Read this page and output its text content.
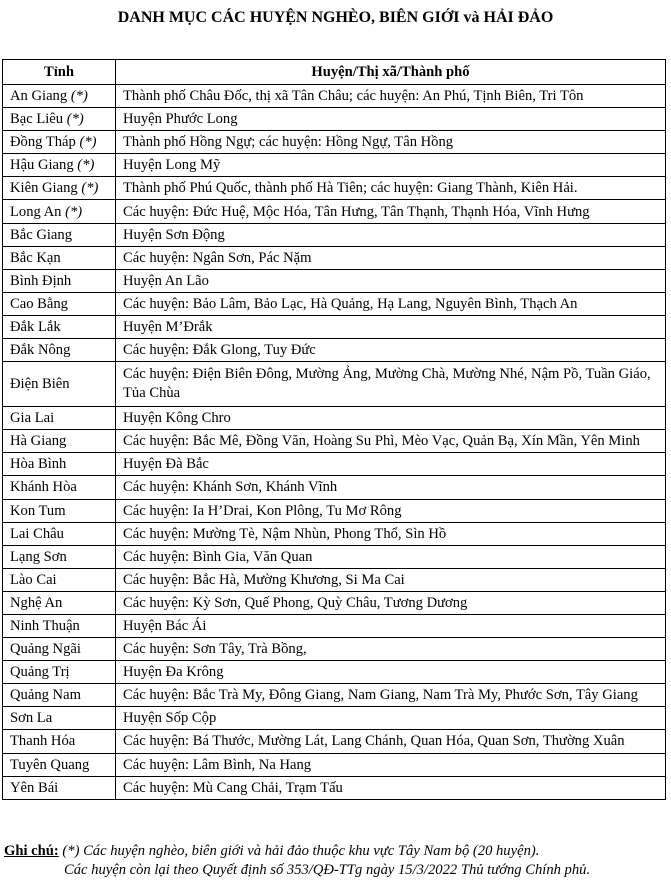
DANH MỤC CÁC HUYỆN NGHÈO, BIÊN GIỚI và HẢI ĐẢO
Tỉnh	Huyện/Thị xã/Thành phố
An Giang (*)	Thành phố Châu Đốc, thị xã Tân Châu; các huyện: An Phú, Tịnh Biên, Tri Tôn
Bạc Liêu (*)	Huyện Phước Long
Đồng Tháp (*)	Thành phố Hồng Ngự; các huyện: Hồng Ngự, Tân Hồng
Hậu Giang (*)	Huyện Long Mỹ
Kiên Giang (*)	Thành phố Phú Quốc, thành phố Hà Tiên; các huyện: Giang Thành, Kiên Hải.
Long An (*)	Các huyện: Đức Huệ, Mộc Hóa, Tân Hưng, Tân Thạnh, Thạnh Hóa, Vĩnh Hưng
Bắc Giang	Huyện Sơn Động
Bắc Kạn	Các huyện: Ngân Sơn, Pác Nặm
Bình Định	Huyện An Lão
Cao Bằng	Các huyện: Bảo Lâm, Bảo Lạc, Hà Quảng, Hạ Lang, Nguyên Bình, Thạch An
Đắk Lắk	Huyện M’Đrắk
Đắk Nông	Các huyện: Đắk Glong, Tuy Đức
Điện Biên	Các huyện: Điện Biên Đông, Mường Ảng, Mường Chà, Mường Nhé, Nậm Pồ, Tuần Giáo, Tủa Chùa
Gia Lai	Huyện Kông Chro
Hà Giang	Các huyện: Bắc Mê, Đồng Văn, Hoàng Su Phì, Mèo Vạc, Quản Bạ, Xín Mần, Yên Minh
Hòa Bình	Huyện Đà Bắc
Khánh Hòa	Các huyện: Khánh Sơn, Khánh Vĩnh
Kon Tum	Các huyện: Ia H’Drai, Kon Plông, Tu Mơ Rông
Lai Châu	Các huyện: Mường Tè, Nậm Nhùn, Phong Thổ, Sìn Hồ
Lạng Sơn	Các huyện: Bình Gia, Văn Quan
Lào Cai	Các huyện: Bắc Hà, Mường Khương, Si Ma Cai
Nghệ An	Các huyện: Kỳ Sơn, Quế Phong, Quỳ Châu, Tương Dương
Ninh Thuận	Huyện Bác Ái
Quảng Ngãi	Các huyện: Sơn Tây, Trà Bồng,
Quảng Trị	Huyện Đa Krông
Quảng Nam	Các huyện: Bắc Trà My, Đông Giang, Nam Giang, Nam Trà My, Phước Sơn, Tây Giang
Sơn La	Huyện Sốp Cộp
Thanh Hóa	Các huyện: Bá Thước, Mường Lát, Lang Chánh, Quan Hóa, Quan Sơn, Thường Xuân
Tuyên Quang	Các huyện: Lâm Bình, Na Hang
Yên Bái	Các huyện: Mù Cang Chải, Trạm Tấu
Ghi chú: (*) Các huyện nghèo, biên giới và hải đảo thuộc khu vực Tây Nam bộ (20 huyện).
Các huyện còn lại theo Quyết định số 353/QĐ-TTg ngày 15/3/2022 Thủ tướng Chính phủ.
